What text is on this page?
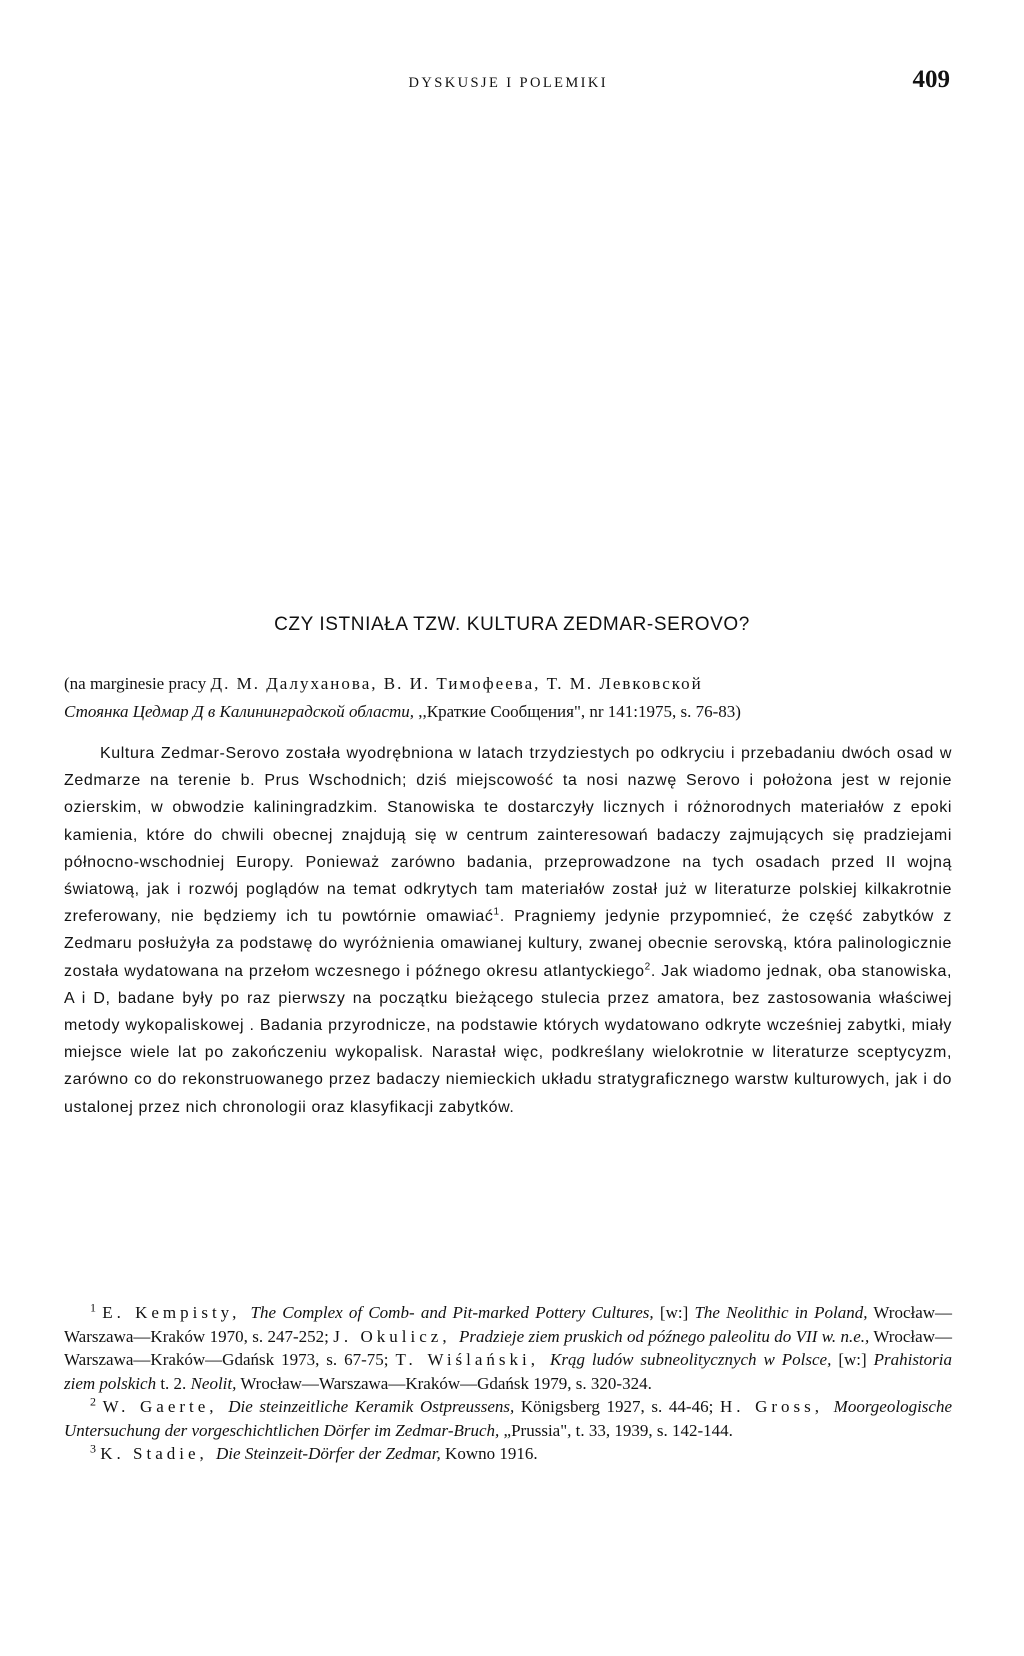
DYSKUSJE I POLEMIKI	409
CZY ISTNIAŁA TZW. KULTURA ZEDMAR-SEROVO?

(na marginesie pracy Д. М. Далуханова, В. И. Тимофеева, Т. М. Левковской
Стоянка Цедмар Д в Калининградской области, ,,Краткие Сообщения", nr 141:1975, s. 76-83)

Kultura Zedmar-Serovo została wyodrębniona w latach trzydziestych po odkryciu i przebadaniu dwóch osad w Zedmarze na terenie b. Prus Wschodnich; dziś miejscowość ta nosi nazwę Serovo i położona jest w rejonie ozierskim, w obwodzie kaliningradzkim. Stanowiska te dostarczyły licznych i różnorodnych materiałów z epoki kamienia, które do chwili obecnej znajdują się w centrum zainteresowań badaczy zajmujących się pradziejami północno-wschodniej Europy. Ponieważ zarówno badania, przeprowadzone na tych osadach przed II wojną światową, jak i rozwój poglądów na temat odkrytych tam materiałów został już w literaturze polskiej kilkakrotnie zreferowany, nie będziemy ich tu powtórnie omawiać$^1$. Pragniemy jedynie przypomnieć, że część zabytków z Zedmaru posłużyła za podstawę do wyróżnienia omawianej kultury, zwanej obecnie serovską, która palinologicznie została wydatowana na przełom wczesnego i późnego okresu atlantyckiego$^2$. Jak wiadomo jednak, oba stanowiska, A i D, badane były po raz pierwszy na początku bieżącego stulecia przez amatora, bez zastosowania właściwej metody wykopaliskowej . Badania przyrodnicze, na podstawie których wydatowano odkryte wcześniej zabytki, miały miejsce wiele lat po zakończeniu wykopalisk. Narastał więc, podkreślany wielokrotnie w literaturze sceptycyzm, zarówno co do rekonstruowanego przez badaczy niemieckich układu stratygraficznego warstw kulturowych, jak i do ustalonej przez nich chronologii oraz klasyfikacji zabytków.

$^1$ E. Kempisty, The Complex of Comb- and Pit-marked Pottery Cultures, [w:] The Neolithic in Poland, Wrocław—Warszawa—Kraków 1970, s. 247-252; J. Okulicz, Pradzieje ziem pruskich od późnego paleolitu do VII w. n.e., Wrocław—Warszawa—Kraków—Gdańsk 1973, s. 67-75; T. Wiślański, Krąg ludów subneolitycznych w Polsce, [w:] Prahistoria ziem polskich t. 2. Neolit, Wrocław—Warszawa—Kraków—Gdańsk 1979, s. 320-324.

$^2$ W. Gaerte, Die steinzeitliche Keramik Ostpreussens, Königsberg 1927, s. 44-46; H. Gross, Moorgeologische Untersuchung der vorgeschichtlichen Dörfer im Zedmar-Bruch, „Prussia", t. 33, 1939, s. 142-144.

$^3$ K. Stadie, Die Steinzeit-Dörfer der Zedmar, Kowno 1916.
